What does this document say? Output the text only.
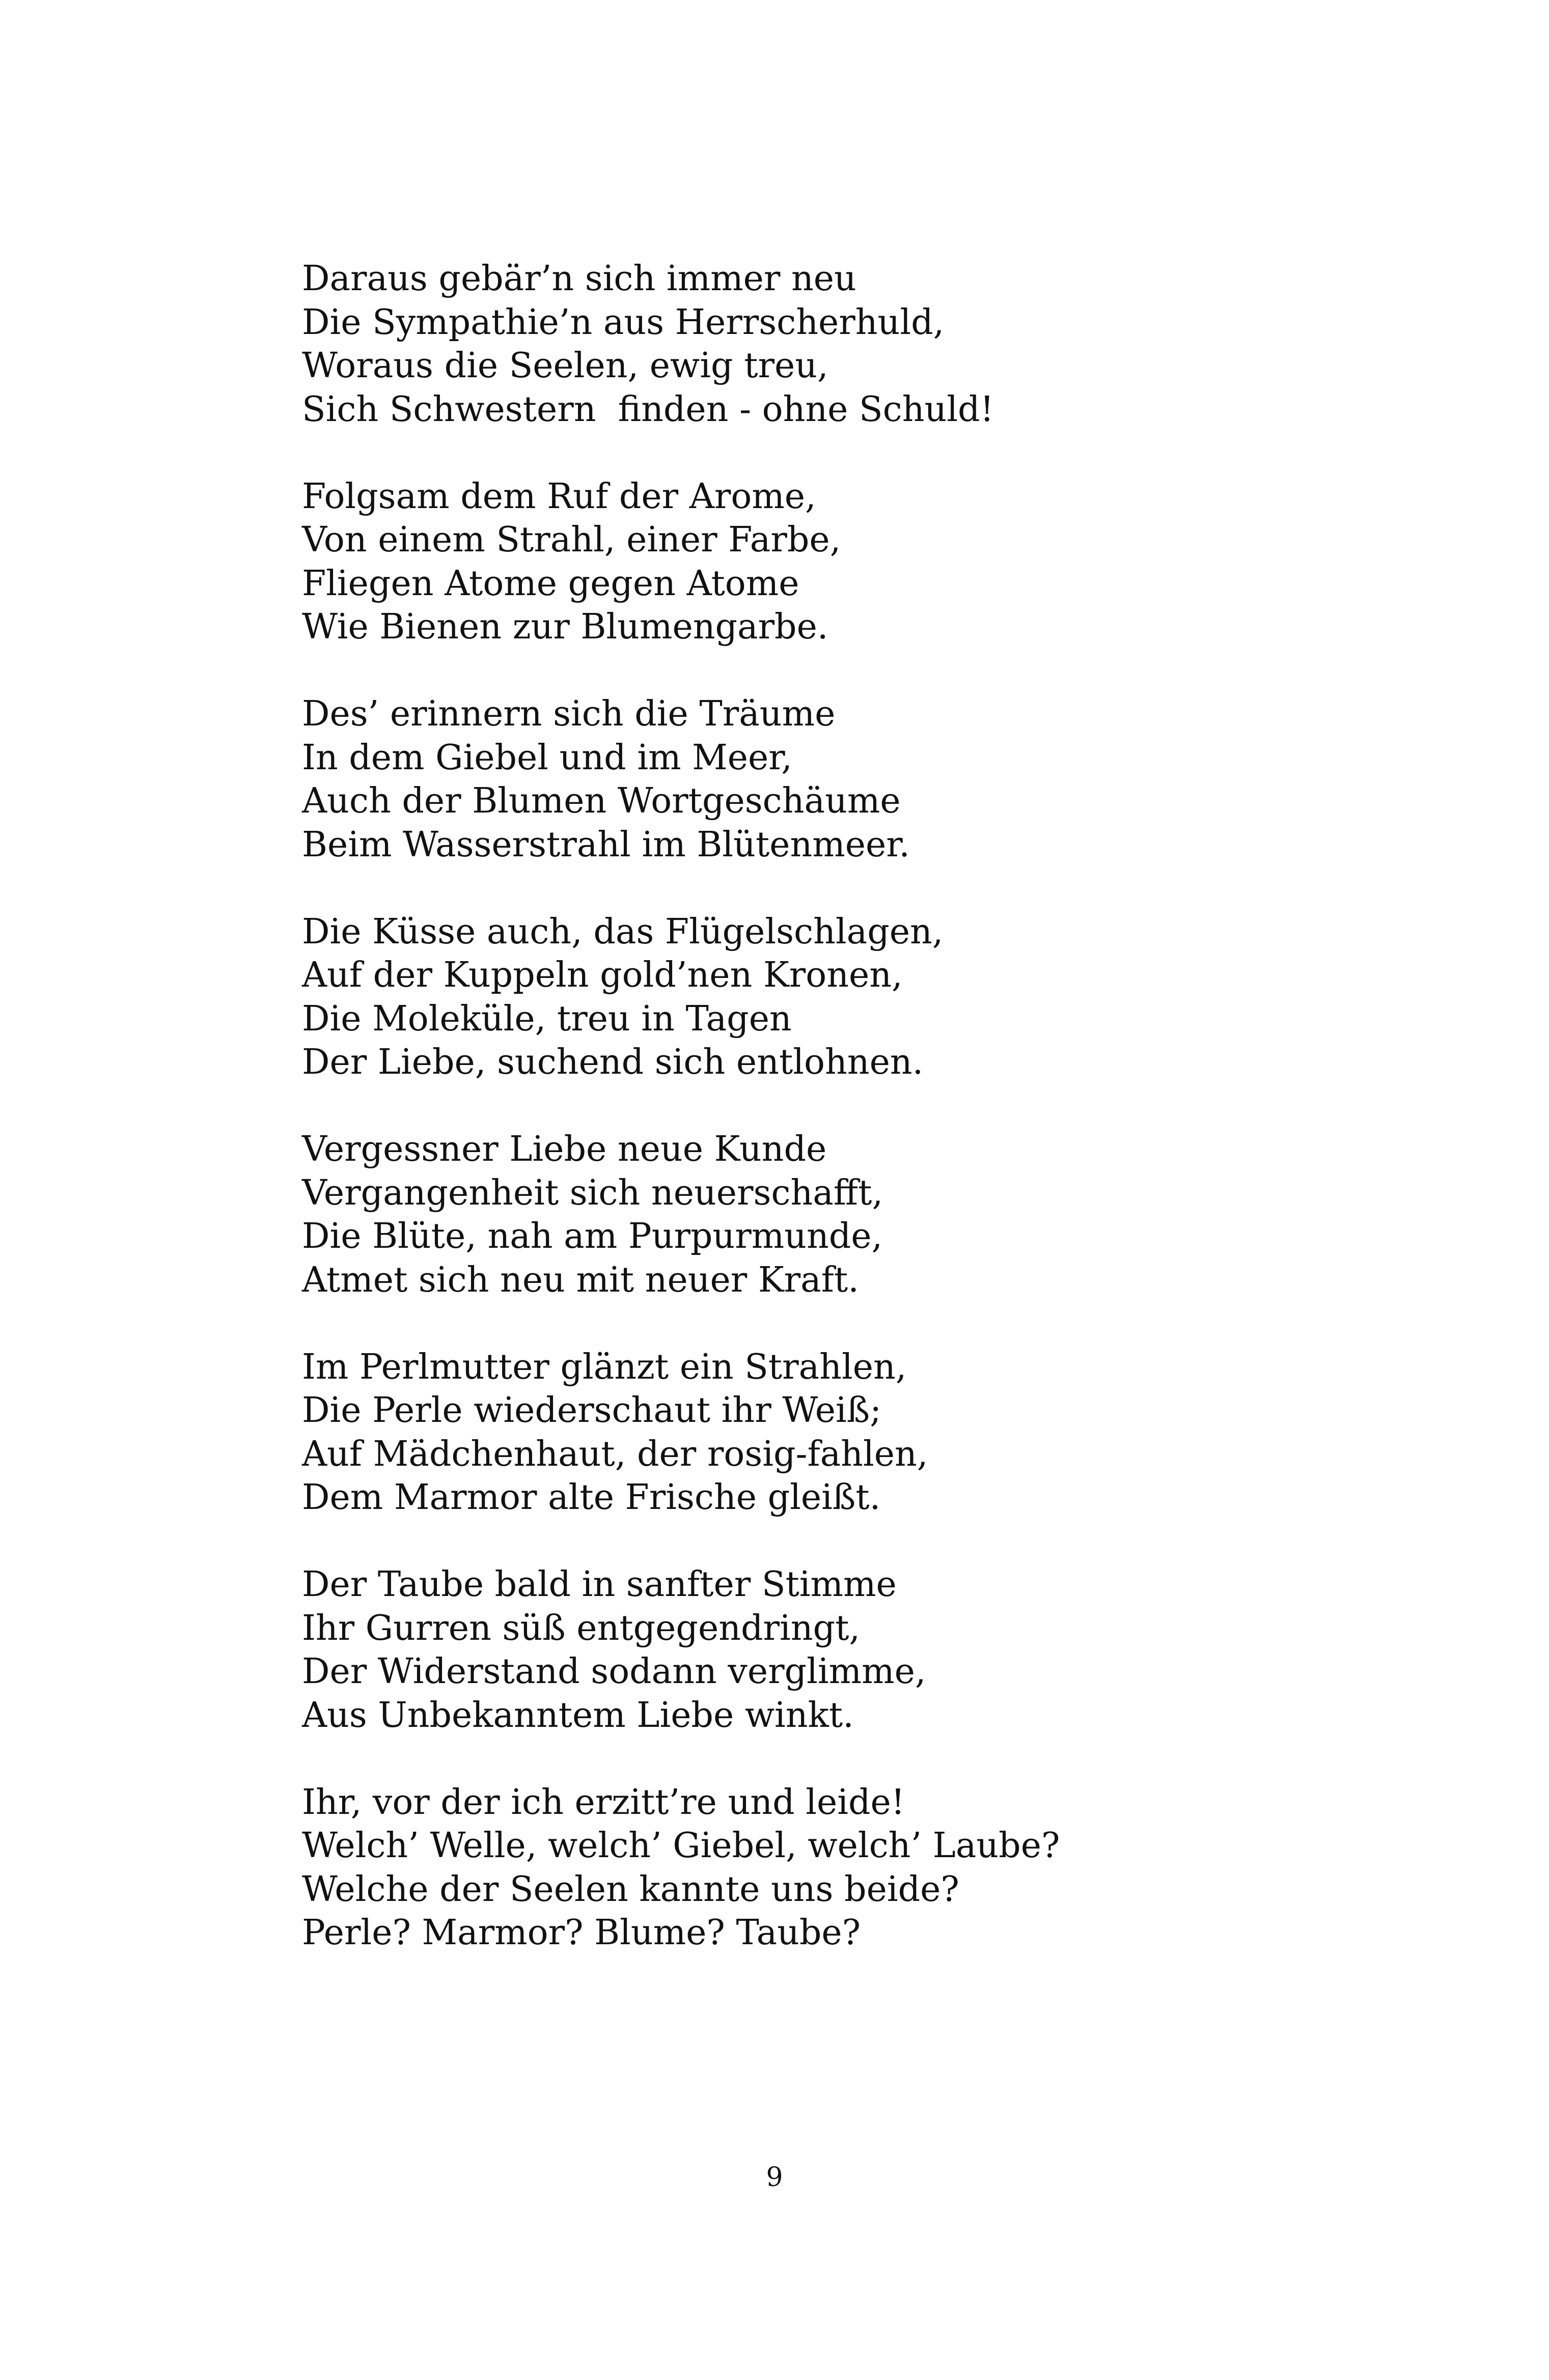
Daraus gebär’n sich immer neu
Die Sympathie’n aus Herrscherhuld,
Woraus die Seelen, ewig treu,
Sich Schwestern  finden - ohne Schuld!
Folgsam dem Ruf der Arome,
Von einem Strahl, einer Farbe,
Fliegen Atome gegen Atome
Wie Bienen zur Blumengarbe.
Des’ erinnern sich die Träume
In dem Giebel und im Meer,
Auch der Blumen Wortgeschäume
Beim Wasserstrahl im Blütenmeer.
Die Küsse auch, das Flügelschlagen,
Auf der Kuppeln gold’nen Kronen,
Die Moleküle, treu in Tagen
Der Liebe, suchend sich entlohnen.
Vergessner Liebe neue Kunde
Vergangenheit sich neuerschafft,
Die Blüte, nah am Purpurmunde,
Atmet sich neu mit neuer Kraft.
Im Perlmutter glänzt ein Strahlen,
Die Perle wiederschaut ihr Weiß;
Auf Mädchenhaut, der rosig-fahlen,
Dem Marmor alte Frische gleißt.
Der Taube bald in sanfter Stimme
Ihr Gurren süß entgegendringt,
Der Widerstand sodann verglimme,
Aus Unbekanntem Liebe winkt.
Ihr, vor der ich erzitt’re und leide!
Welch’ Welle, welch’ Giebel, welch’ Laube?
Welche der Seelen kannte uns beide?
Perle? Marmor? Blume? Taube?
9
